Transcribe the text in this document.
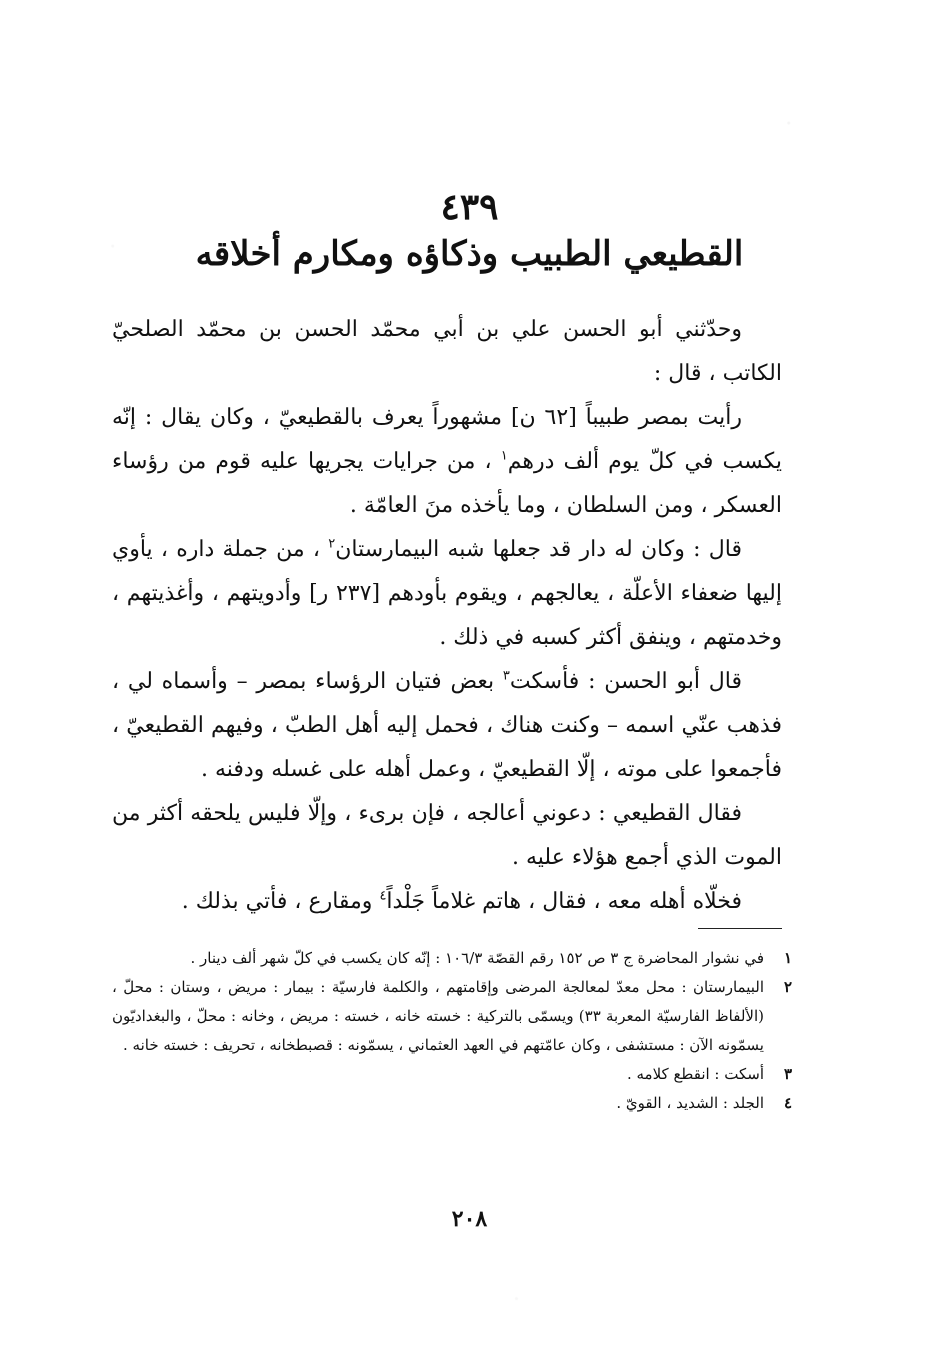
٤٣٩
القطيعي الطبيب وذكاؤه ومكارم أخلاقه

وحدّثني أبو الحسن علي بن أبي محمّد الحسن بن محمّد الصلحيّ الكاتب ، قال :

رأيت بمصر طبيباً [٦٢ ن] مشهوراً يعرف بالقطيعيّ ، وكان يقال : إنّه يكسب في كلّ يوم ألف درهم$^١$ ، من جرايات يجريها عليه قوم من رؤساء العسكر ، ومن السلطان ، وما يأخذه منَ العامّة .

قال : وكان له دار قد جعلها شبه البيمارستان$^٢$ ، من جملة داره ، يأوي إليها ضعفاء الأعلّة ، يعالجهم ، ويقوم بأودهم [٢٣٧ ر] وأدويتهم ، وأغذيتهم ، وخدمتهم ، وينفق أكثر كسبه في ذلك .

قال أبو الحسن : فأسكت$^٣$ بعض فتيان الرؤساء بمصر – وأسماه لي ، فذهب عنّي اسمه – وكنت هناك ، فحمل إليه أهل الطبّ ، وفيهم القطيعيّ ، فأجمعوا على موته ، إلّا القطيعيّ ، وعمل أهله على غسله ودفنه .

فقال القطيعي : دعوني أعالجه ، فإن برىء ، وإلّا فليس يلحقه أكثر من الموت الذي أجمع هؤلاء عليه .

فخلّاه أهله معه ، فقال ، هاتم غلاماً جَلْداً$^٤$ ومقارع ، فأتي بذلك .

١
في نشوار المحاضرة ج ٣ ص ١٥٢ رقم القصّة ١٠٦/٣ : إنّه كان يكسب في كلّ شهر ألف دينار .
٢
البيمارستان : محل معدّ لمعالجة المرضى وإقامتهم ، والكلمة فارسيّة : بيمار : مريض ، وستان : محلّ ، (الألفاظ الفارسيّة المعربة ٣٣) ويسمّى بالتركية : خسته خانه ، خسته : مريض ، وخانه : محلّ ، والبغداديّون يسمّونه الآن : مستشفى ، وكان عامّتهم في العهد العثماني ، يسمّونه : قصبطخانه ، تحريف : خسته خانه .
٣
أسكت : انقطع كلامه .
٤
الجلد : الشديد ، القويّ .
٢٠٨
